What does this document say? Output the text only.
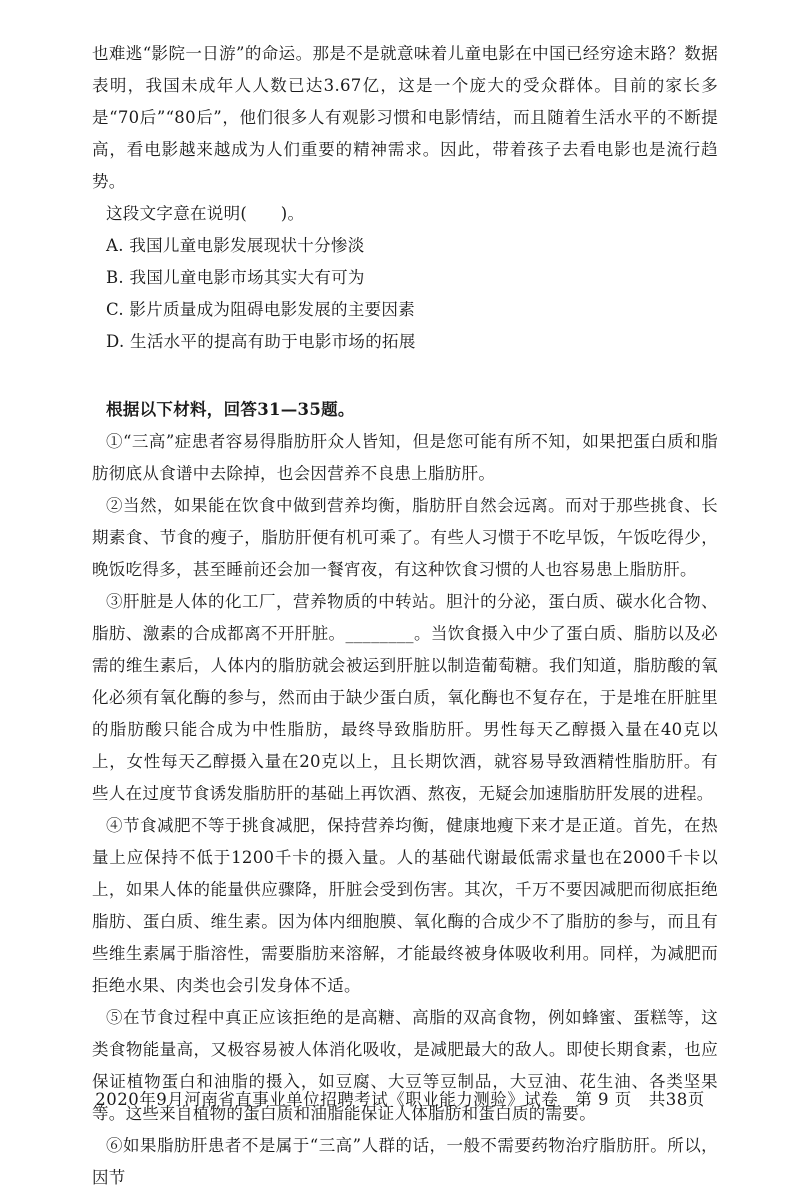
也难逃“影院一日游”的命运。那是不是就意味着儿童电影在中国已经穷途末路？数据表明，我国未成年人人数已达3.67亿，这是一个庞大的受众群体。目前的家长多是“70后”“80后”，他们很多人有观影习惯和电影情结，而且随着生活水平的不断提高，看电影越来越成为人们重要的精神需求。因此，带着孩子去看电影也是流行趋势。

这段文字意在说明(　　)。

A. 我国儿童电影发展现状十分惨淡

B. 我国儿童电影市场其实大有可为

C. 影片质量成为阻碍电影发展的主要因素

D. 生活水平的提高有助于电影市场的拓展

根据以下材料，回答31—35题。

①“三高”症患者容易得脂肪肝众人皆知，但是您可能有所不知，如果把蛋白质和脂肪彻底从食谱中去除掉，也会因营养不良患上脂肪肝。

②当然，如果能在饮食中做到营养均衡，脂肪肝自然会远离。而对于那些挑食、长期素食、节食的瘦子，脂肪肝便有机可乘了。有些人习惯于不吃早饭，午饭吃得少，晚饭吃得多，甚至睡前还会加一餐宵夜，有这种饮食习惯的人也容易患上脂肪肝。

③肝脏是人体的化工厂，营养物质的中转站。胆汁的分泌，蛋白质、碳水化合物、脂肪、激素的合成都离不开肝脏。________。当饮食摄入中少了蛋白质、脂肪以及必需的维生素后，人体内的脂肪就会被运到肝脏以制造葡萄糖。我们知道，脂肪酸的氧化必须有氧化酶的参与，然而由于缺少蛋白质，氧化酶也不复存在，于是堆在肝脏里的脂肪酸只能合成为中性脂肪，最终导致脂肪肝。男性每天乙醇摄入量在40克以上，女性每天乙醇摄入量在20克以上，且长期饮酒，就容易导致酒精性脂肪肝。有些人在过度节食诱发脂肪肝的基础上再饮酒、熬夜，无疑会加速脂肪肝发展的进程。

④节食减肥不等于挑食减肥，保持营养均衡，健康地瘦下来才是正道。首先，在热量上应保持不低于1200千卡的摄入量。人的基础代谢最低需求量也在2000千卡以上，如果人体的能量供应骤降，肝脏会受到伤害。其次，千万不要因减肥而彻底拒绝脂肪、蛋白质、维生素。因为体内细胞膜、氧化酶的合成少不了脂肪的参与，而且有些维生素属于脂溶性，需要脂肪来溶解，才能最终被身体吸收利用。同样，为减肥而拒绝水果、肉类也会引发身体不适。

⑤在节食过程中真正应该拒绝的是高糖、高脂的双高食物，例如蜂蜜、蛋糕等，这类食物能量高，又极容易被人体消化吸收，是减肥最大的敌人。即使长期食素，也应保证植物蛋白和油脂的摄入，如豆腐、大豆等豆制品，大豆油、花生油、各类坚果等。这些来自植物的蛋白质和油脂能保证人体脂肪和蛋白质的需要。

⑥如果脂肪肝患者不是属于“三高”人群的话，一般不需要药物治疗脂肪肝。所以，因节

2020年9月河南省直事业单位招聘考试《职业能力测验》试卷　第 9 页　共38页
